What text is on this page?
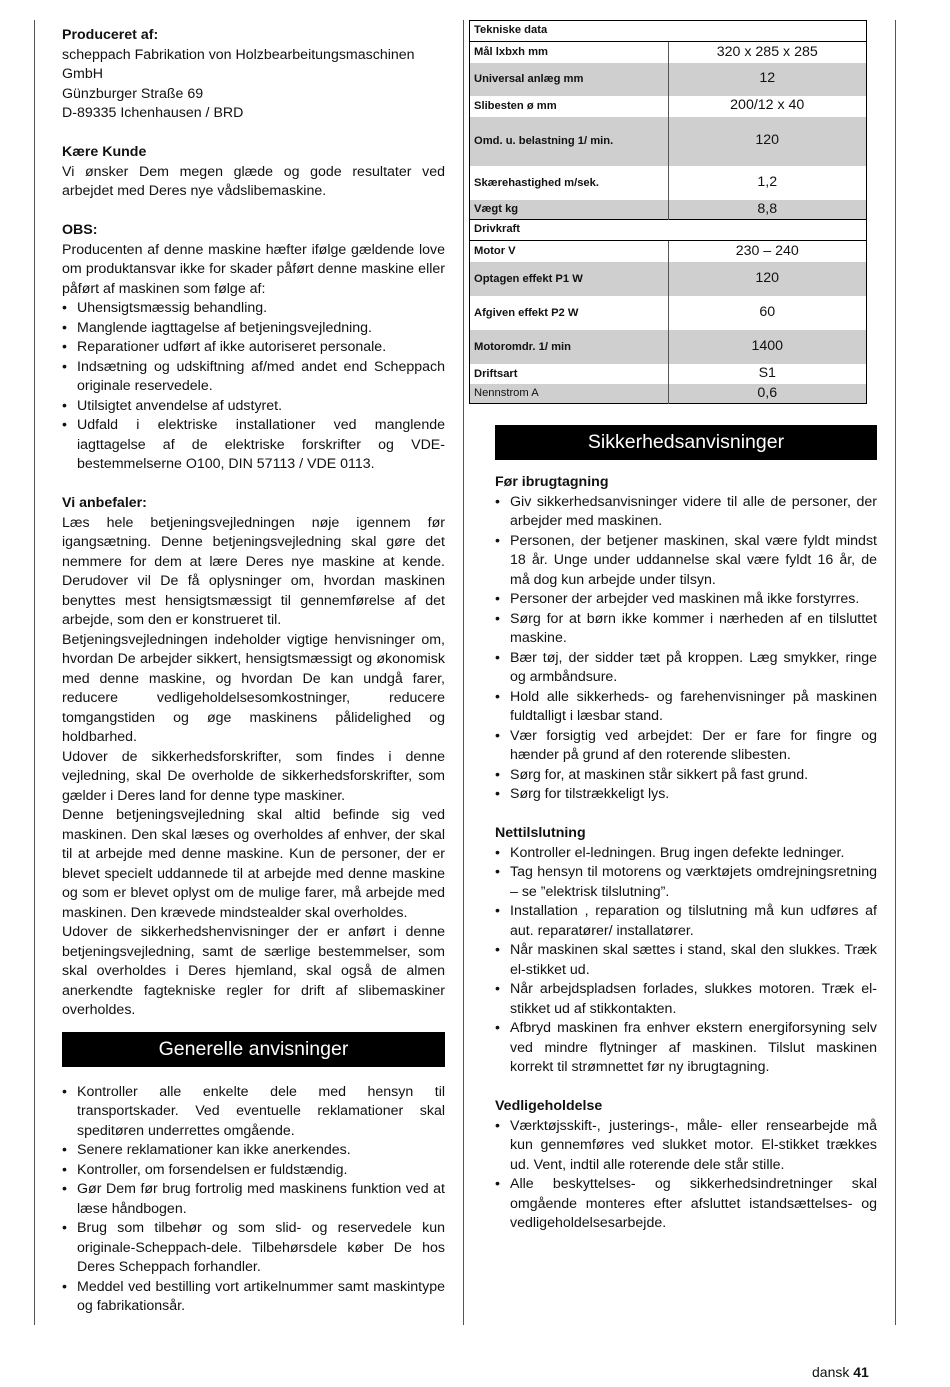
Produceret af:

scheppach Fabrikation von Holzbearbeitungsmaschinen

GmbH

Günzburger Straße 69

D-89335 Ichenhausen / BRD

Kære Kunde

Vi ønsker Dem megen glæde og gode resultater ved arbejdet med Deres nye vådslibemaskine.

OBS:

Producenten af denne maskine hæfter ifølge gældende love om produktansvar ikke for skader påført denne maskine eller påført af maskinen som følge af:

• Uhensigtsmæssig behandling.
• Manglende iagttagelse af betjeningsvejledning.
• Reparationer udført af ikke autoriseret personale.
• Indsætning og udskiftning af/med andet end Scheppach originale reservedele.
• Utilsigtet anvendelse af udstyret.
• Udfald i elektriske installationer ved manglende iagttagelse af de elektriske forskrifter og VDE-bestemmelserne O100, DIN 57113 / VDE 0113.

Vi anbefaler:

Læs hele betjeningsvejledningen nøje igennem før igangsætning. Denne betjeningsvejledning skal gøre det nemmere for dem at lære Deres nye maskine at kende. Derudover vil De få oplysninger om, hvordan maskinen benyttes mest hensigtsmæssigt til gennemførelse af det arbejde, som den er konstrueret til.

Betjeningsvejledningen indeholder vigtige henvisninger om, hvordan De arbejder sikkert, hensigtsmæssigt og økonomisk med denne maskine, og hvordan De kan undgå farer, reducere vedligeholdelsesomkostninger, reducere tomgangstiden og øge maskinens pålidelighed og holdbarhed.

Udover de sikkerhedsforskrifter, som findes i denne vejledning, skal De overholde de sikkerhedsforskrifter, som gælder i Deres land for denne type maskiner.

Denne betjeningsvejledning skal altid befinde sig ved maskinen. Den skal læses og overholdes af enhver, der skal til at arbejde med denne maskine. Kun de personer, der er blevet specielt uddannede til at arbejde med denne maskine og som er blevet oplyst om de mulige farer, må arbejde med maskinen. Den krævede mindstealder skal overholdes.

Udover de sikkerhedshenvisninger der er anført i denne betjeningsvejledning, samt de særlige bestemmelser, som skal overholdes i Deres hjemland, skal også de almen anerkendte fagtekniske regler for drift af slibemaskiner overholdes.

Generelle anvisninger
• Kontroller alle enkelte dele med hensyn til transportskader. Ved eventuelle reklamationer skal speditøren underrettes omgående.
• Senere reklamationer kan ikke anerkendes.
• Kontroller, om forsendelsen er fuldstændig.
• Gør Dem før brug fortrolig med maskinens funktion ved at læse håndbogen.
• Brug som tilbehør og som slid- og reservedele kun originale-Scheppach-dele. Tilbehørsdele køber De hos Deres Scheppach forhandler.
• Meddel ved bestilling vort artikelnummer samt maskintype og fabrikationsår.
Tekniske data	
Mål lxbxh mm	320 x 285 x 285
Universal anlæg mm	12
Slibesten ø mm	200/12 x 40
Omd. u. belastning 1/ min.	120
Skærehastighed m/sek.	1,2
Vægt kg	8,8
Drivkraft	
Motor V	230 – 240
Optagen effekt P1 W	120
Afgiven effekt P2 W	60
Motoromdr. 1/ min	1400
Driftsart	S1
Nennstrom A	0,6
Sikkerhedsanvisninger

Før ibrugtagning

• Giv sikkerhedsanvisninger videre til alle de personer, der arbejder med maskinen.
• Personen, der betjener maskinen, skal være fyldt mindst 18 år. Unge under uddannelse skal være fyldt 16 år, de må dog kun arbejde under tilsyn.
• Personer der arbejder ved maskinen må ikke forstyrres.
• Sørg for at børn ikke kommer i nærheden af en tilsluttet maskine.
• Bær tøj, der sidder tæt på kroppen. Læg smykker, ringe og armbåndsure.
• Hold alle sikkerheds- og farehenvisninger på maskinen fuldtalligt i læsbar stand.
• Vær forsigtig ved arbejdet: Der er fare for fingre og hænder på grund af den roterende slibesten.
• Sørg for, at maskinen står sikkert på fast grund.
• Sørg for tilstrækkeligt lys.

Nettilslutning

• Kontroller el-ledningen. Brug ingen defekte ledninger.
• Tag hensyn til motorens og værktøjets omdrejningsretning – se ”elektrisk tilslutning”.
• Installation , reparation og tilslutning må kun udføres af aut. reparatører/ installatører.
• Når maskinen skal sættes i stand, skal den slukkes. Træk el-stikket ud.
• Når arbejdspladsen forlades, slukkes motoren. Træk el-stikket ud af stikkontakten.
• Afbryd maskinen fra enhver ekstern energiforsyning selv ved mindre flytninger af maskinen. Tilslut maskinen korrekt til strømnettet før ny ibrugtagning.

Vedligeholdelse

• Værktøjsskift-, justerings-, måle- eller rensearbejde må kun gennemføres ved slukket motor. El-stikket trækkes ud. Vent, indtil alle roterende dele står stille.
• Alle beskyttelses- og sikkerhedsindretninger skal omgående monteres efter afsluttet istandsættelses- og vedligeholdelsesarbejde.
dansk 41
